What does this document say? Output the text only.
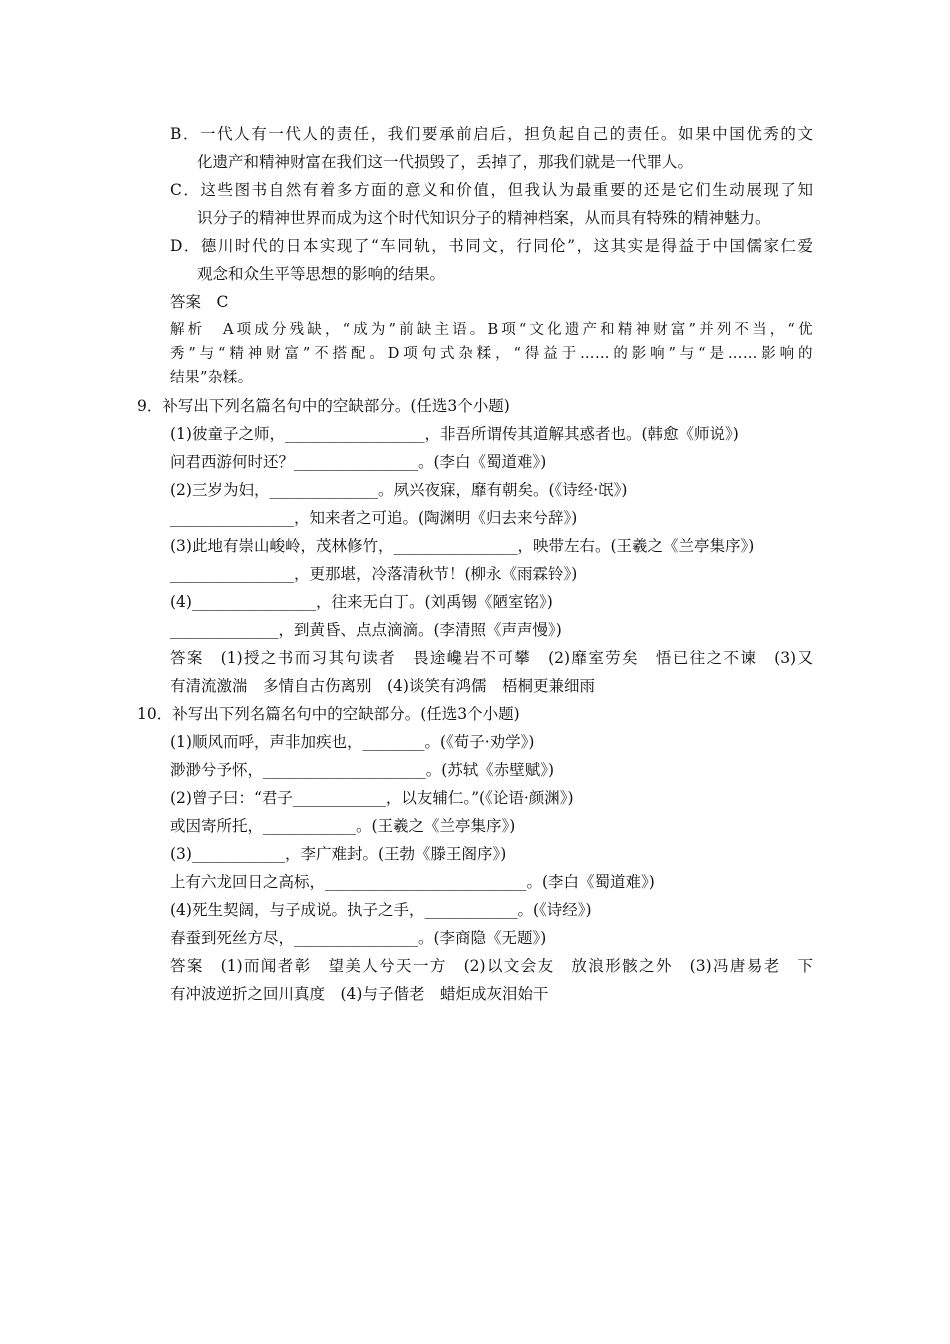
B．一代人有一代人的责任，我们要承前启后，担负起自己的责任。如果中国优秀的文
化遗产和精神财富在我们这一代损毁了，丢掉了，那我们就是一代罪人。
C．这些图书自然有着多方面的意义和价值，但我认为最重要的还是它们生动展现了知
识分子的精神世界而成为这个时代知识分子的精神档案，从而具有特殊的精神魅力。
D．德川时代的日本实现了“车同轨，书同文，行同伦”，这其实是得益于中国儒家仁爱
观念和众生平等思想的影响的结果。
答案　C
解析　A项成分残缺，“成为”前缺主语。B项“文化遗产和精神财富”并列不当，“优
秀”与“精神财富”不搭配。D项句式杂糅，“得益于……的影响”与“是……影响的
结果”杂糅。
9．补写出下列名篇名句中的空缺部分。(任选3个小题)
(1)彼童子之师，__________________，非吾所谓传其道解其惑者也。(韩愈《师说》)
问君西游何时还？________________。(李白《蜀道难》)
(2)三岁为妇，______________。夙兴夜寐，靡有朝矣。(《诗经·氓》)
________________，知来者之可追。(陶渊明《归去来兮辞》)
(3)此地有崇山峻岭，茂林修竹，________________，映带左右。(王羲之《兰亭集序》)
________________，更那堪，冷落清秋节！(柳永《雨霖铃》)
(4)________________，往来无白丁。(刘禹锡《陋室铭》)
______________，到黄昏、点点滴滴。(李清照《声声慢》)
答案　(1)授之书而习其句读者　畏途巉岩不可攀　(2)靡室劳矣　悟已往之不谏　(3)又
有清流激湍　多情自古伤离别　(4)谈笑有鸿儒　梧桐更兼细雨
10．补写出下列名篇名句中的空缺部分。(任选3个小题)
(1)顺风而呼，声非加疾也，________。(《荀子·劝学》)
渺渺兮予怀，_____________________。(苏轼《赤壁赋》)
(2)曾子曰：“君子____________，以友辅仁。”(《论语·颜渊》)
或因寄所托，____________。(王羲之《兰亭集序》)
(3)____________，李广难封。(王勃《滕王阁序》)
上有六龙回日之高标，__________________________。(李白《蜀道难》)
(4)死生契阔，与子成说。执子之手，____________。(《诗经》)
春蚕到死丝方尽，________________。(李商隐《无题》)
答案　(1)而闻者彰　望美人兮天一方　(2)以文会友　放浪形骸之外　(3)冯唐易老　下
有冲波逆折之回川真度　(4)与子偕老　蜡炬成灰泪始干
